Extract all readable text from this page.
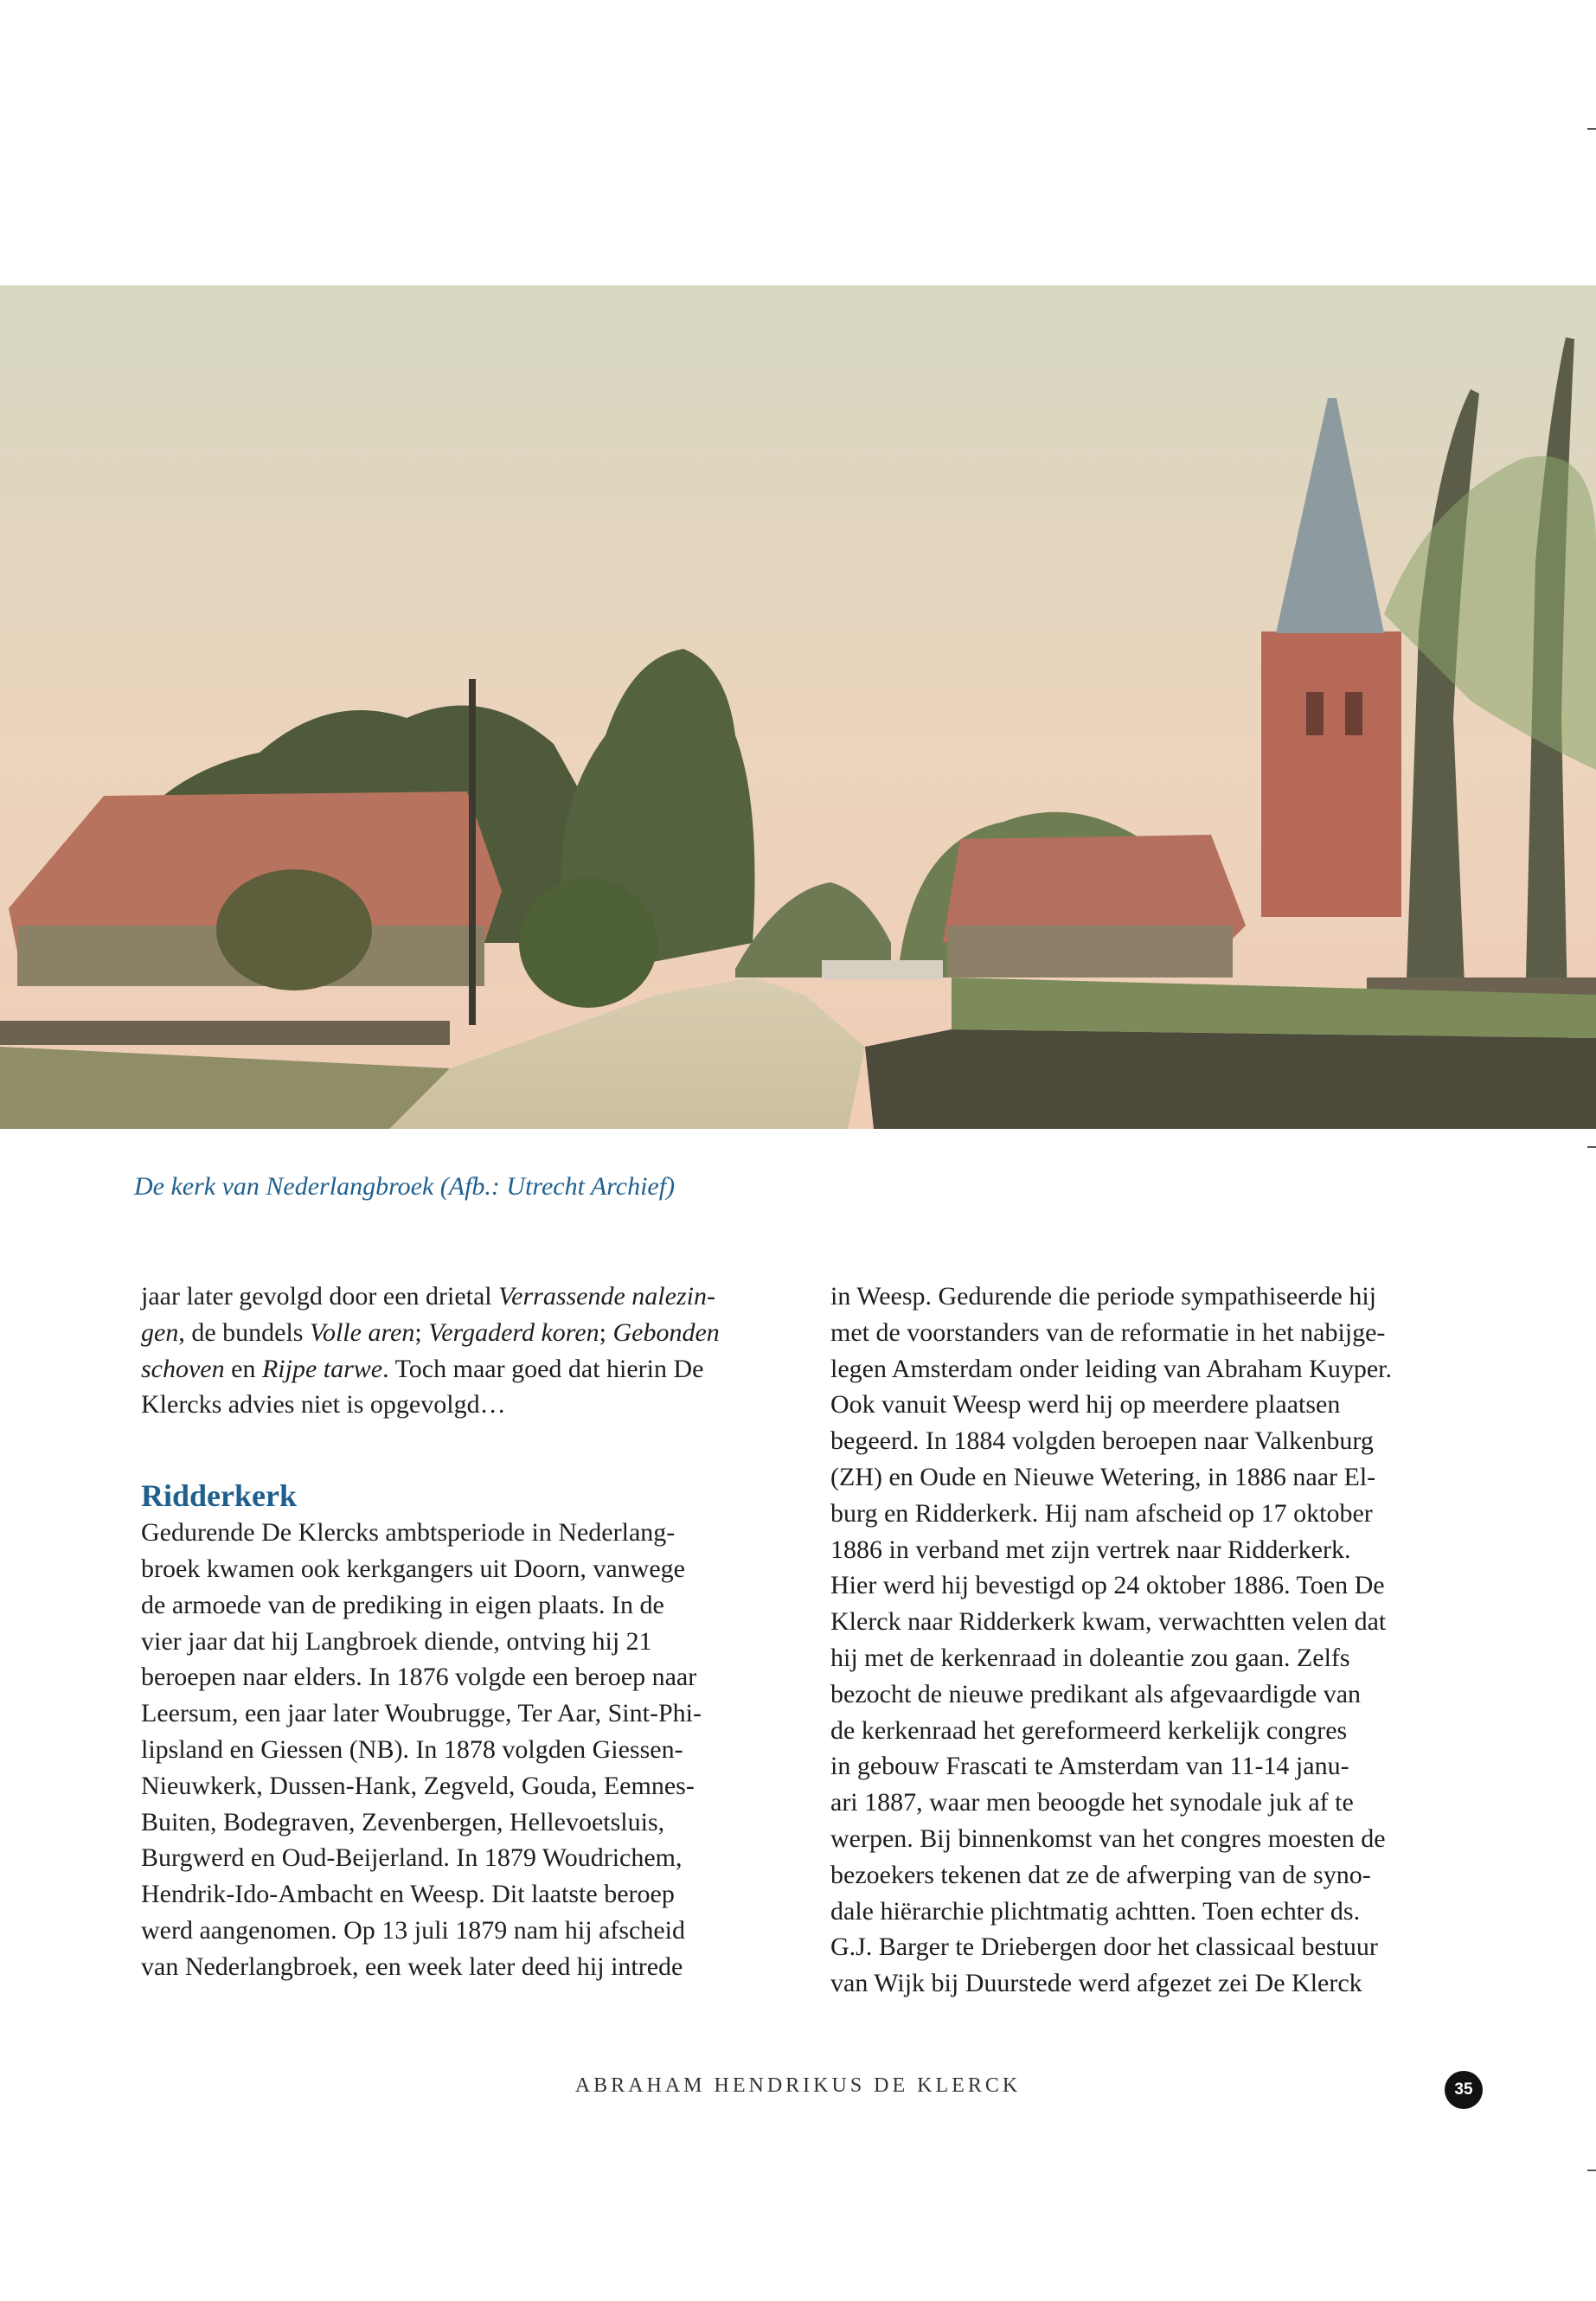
De kerk van Nederlangbroek (Afb.: Utrecht Archief)

jaar later gevolgd door een drietal Verrassende nalezin-
gen, de bundels Volle aren; Vergaderd koren; Gebonden
schoven en Rijpe tarwe. Toch maar goed dat hierin De
Klercks advies niet is opgevolgd…

Ridderkerk

Gedurende De Klercks ambtsperiode in Nederlang-
broek kwamen ook kerkgangers uit Doorn, vanwege
de armoede van de prediking in eigen plaats. In de
vier jaar dat hij Langbroek diende, ontving hij 21
beroepen naar elders. In 1876 volgde een beroep naar
Leersum, een jaar later Woubrugge, Ter Aar, Sint-Phi-
lipsland en Giessen (NB). In 1878 volgden Giessen-
Nieuwkerk, Dussen-Hank, Zegveld, Gouda, Eemnes-
Buiten, Bodegraven, Zevenbergen, Hellevoetsluis,
Burgwerd en Oud-Beijerland. In 1879 Woudrichem,
Hendrik-Ido-Ambacht en Weesp. Dit laatste beroep
werd aangenomen. Op 13 juli 1879 nam hij afscheid
van Nederlangbroek, een week later deed hij intrede

in Weesp. Gedurende die periode sympathiseerde hij
met de voorstanders van de reformatie in het nabijge-
legen Amsterdam onder leiding van Abraham Kuyper.
Ook vanuit Weesp werd hij op meerdere plaatsen
begeerd. In 1884 volgden beroepen naar Valkenburg
(ZH) en Oude en Nieuwe Wetering, in 1886 naar El-
burg en Ridderkerk. Hij nam afscheid op 17 oktober
1886 in verband met zijn vertrek naar Ridderkerk.
Hier werd hij bevestigd op 24 oktober 1886. Toen De
Klerck naar Ridderkerk kwam, verwachtten velen dat
hij met de kerkenraad in doleantie zou gaan. Zelfs
bezocht de nieuwe predikant als afgevaardigde van
de kerkenraad het gereformeerd kerkelijk congres
in gebouw Frascati te Amsterdam van 11-14 janu-
ari 1887, waar men beoogde het synodale juk af te
werpen. Bij binnenkomst van het congres moesten de
bezoekers tekenen dat ze de afwerping van de syno-
dale hiërarchie plichtmatig achtten. Toen echter ds.
G.J. Barger te Driebergen door het classicaal bestuur
van Wijk bij Duurstede werd afgezet zei De Klerck

ABRAHAM HENDRIKUS DE KLERCK	35
